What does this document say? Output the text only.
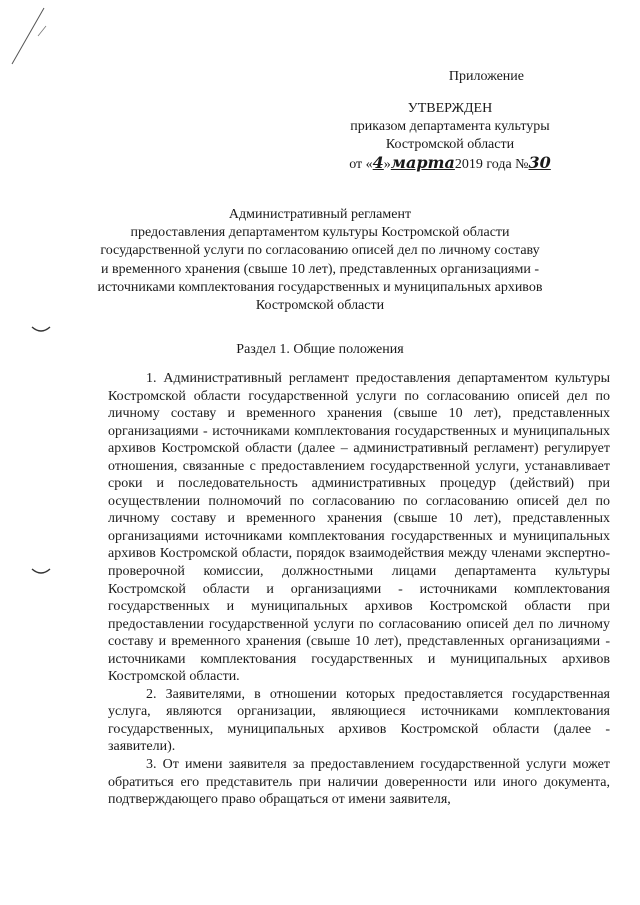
Приложение
УТВЕРЖДЕН
приказом департамента культуры
Костромской области
от «4»марта2019 года №30
Административный регламент
предоставления департаментом культуры Костромской области
государственной услуги по согласованию описей дел по личному составу
и временного хранения (свыше 10 лет), представленных организациями -
источниками комплектования государственных и муниципальных архивов
Костромской области
Раздел 1. Общие положения

1. Административный регламент предоставления департаментом культуры Костромской области государственной услуги по согласованию описей дел по личному составу и временного хранения (свыше 10 лет), представленных организациями - источниками комплектования государственных и муниципальных архивов Костромской области (далее – административный регламент) регулирует отношения, связанные с предоставлением государственной услуги, устанавливает сроки и последовательность административных процедур (действий) при осуществлении полномочий по согласованию по согласованию описей дел по личному составу и временного хранения (свыше 10 лет), представленных организациями источниками комплектования государственных и муниципальных архивов Костромской области, порядок взаимодействия между членами экспертно-проверочной комиссии, должностными лицами департамента культуры Костромской области и организациями - источниками комплектования государственных и муниципальных архивов Костромской области при предоставлении государственной услуги по согласованию описей дел по личному составу и временного хранения (свыше 10 лет), представленных организациями - источниками комплектования государственных и муниципальных архивов Костромской области.

2. Заявителями, в отношении которых предоставляется государственная услуга, являются организации, являющиеся источниками комплектования государственных, муниципальных архивов Костромской области (далее - заявители).

3. От имени заявителя за предоставлением государственной услуги может обратиться его представитель при наличии доверенности или иного документа, подтверждающего право обращаться от имени заявителя,
